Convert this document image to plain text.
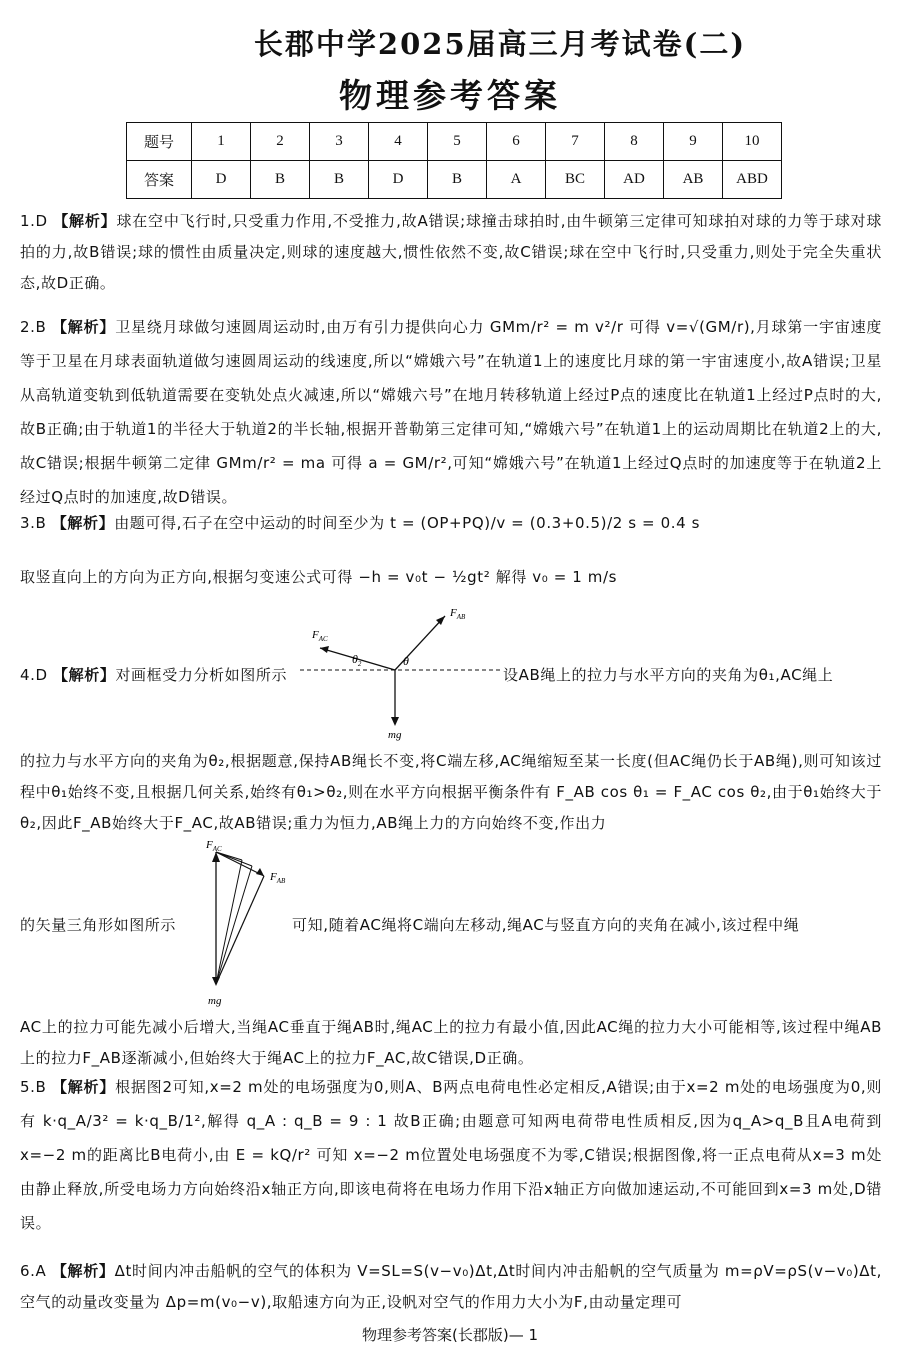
长郡中学2025届高三月考试卷(二)
物理参考答案
题号	1	2	3	4	5	6	7	8	9	10
答案	D	B	B	D	B	A	BC	AD	AB	ABD
1.D 【解析】球在空中飞行时,只受重力作用,不受推力,故A错误;球撞击球拍时,由牛顿第三定律可知球拍对球的力等于球对球拍的力,故B错误;球的惯性由质量决定,则球的速度越大,惯性依然不变,故C错误;球在空中飞行时,只受重力,则处于完全失重状态,故D正确。
2.B 【解析】卫星绕月球做匀速圆周运动时,由万有引力提供向心力 GMm/r² = m v²/r 可得 v=√(GM/r),月球第一宇宙速度等于卫星在月球表面轨道做匀速圆周运动的线速度,所以“嫦娥六号”在轨道1上的速度比月球的第一宇宙速度小,故A错误;卫星从高轨道变轨到低轨道需要在变轨处点火减速,所以“嫦娥六号”在地月转移轨道上经过P点的速度比在轨道1上经过P点时的大,故B正确;由于轨道1的半径大于轨道2的半长轴,根据开普勒第三定律可知,“嫦娥六号”在轨道1上的运动周期比在轨道2上的大,故C错误;根据牛顿第二定律 GMm/r² = ma 可得 a = GM/r²,可知“嫦娥六号”在轨道1上经过Q点时的加速度等于在轨道2上经过Q点时的加速度,故D错误。
3.B 【解析】由题可得,石子在空中运动的时间至少为 t = (OP+PQ)/v = (0.3+0.5)/2 s = 0.4 s
取竖直向上的方向为正方向,根据匀变速公式可得 −h = v₀t − ½gt² 解得 v₀ = 1 m/s
$F_{AB}$
$F_{AC}$
θ
$\theta_2$
mg
4.D 【解析】对画框受力分析如图所示	设AB绳上的拉力与水平方向的夹角为θ₁,AC绳上
的拉力与水平方向的夹角为θ₂,根据题意,保持AB绳长不变,将C端左移,AC绳缩短至某一长度(但AC绳仍长于AB绳),则可知该过程中θ₁始终不变,且根据几何关系,始终有θ₁>θ₂,则在水平方向根据平衡条件有 F_AB cos θ₁ = F_AC cos θ₂,由于θ₁始终大于θ₂,因此F_AB始终大于F_AC,故AB错误;重力为恒力,AB绳上力的方向始终不变,作出力
$F_{AC}$
$F_{AB}$
mg
的矢量三角形如图所示	可知,随着AC绳将C端向左移动,绳AC与竖直方向的夹角在减小,该过程中绳
AC上的拉力可能先减小后增大,当绳AC垂直于绳AB时,绳AC上的拉力有最小值,因此AC绳的拉力大小可能相等,该过程中绳AB上的拉力F_AB逐渐减小,但始终大于绳AC上的拉力F_AC,故C错误,D正确。
5.B 【解析】根据图2可知,x=2 m处的电场强度为0,则A、B两点电荷电性必定相反,A错误;由于x=2 m处的电场强度为0,则有 k·q_A/3² = k·q_B/1²,解得 q_A : q_B = 9 : 1 故B正确;由题意可知两电荷带电性质相反,因为q_A>q_B且A电荷到x=−2 m的距离比B电荷小,由 E = kQ/r² 可知 x=−2 m位置处电场强度不为零,C错误;根据图像,将一正点电荷从x=3 m处由静止释放,所受电场力方向始终沿x轴正方向,即该电荷将在电场力作用下沿x轴正方向做加速运动,不可能回到x=3 m处,D错误。
6.A 【解析】Δt时间内冲击船帆的空气的体积为 V=SL=S(v−v₀)Δt,Δt时间内冲击船帆的空气质量为 m=ρV=ρS(v−v₀)Δt,空气的动量改变量为 Δp=m(v₀−v),取船速方向为正,设帆对空气的作用力大小为F,由动量定理可
物理参考答案(长郡版)— 1
